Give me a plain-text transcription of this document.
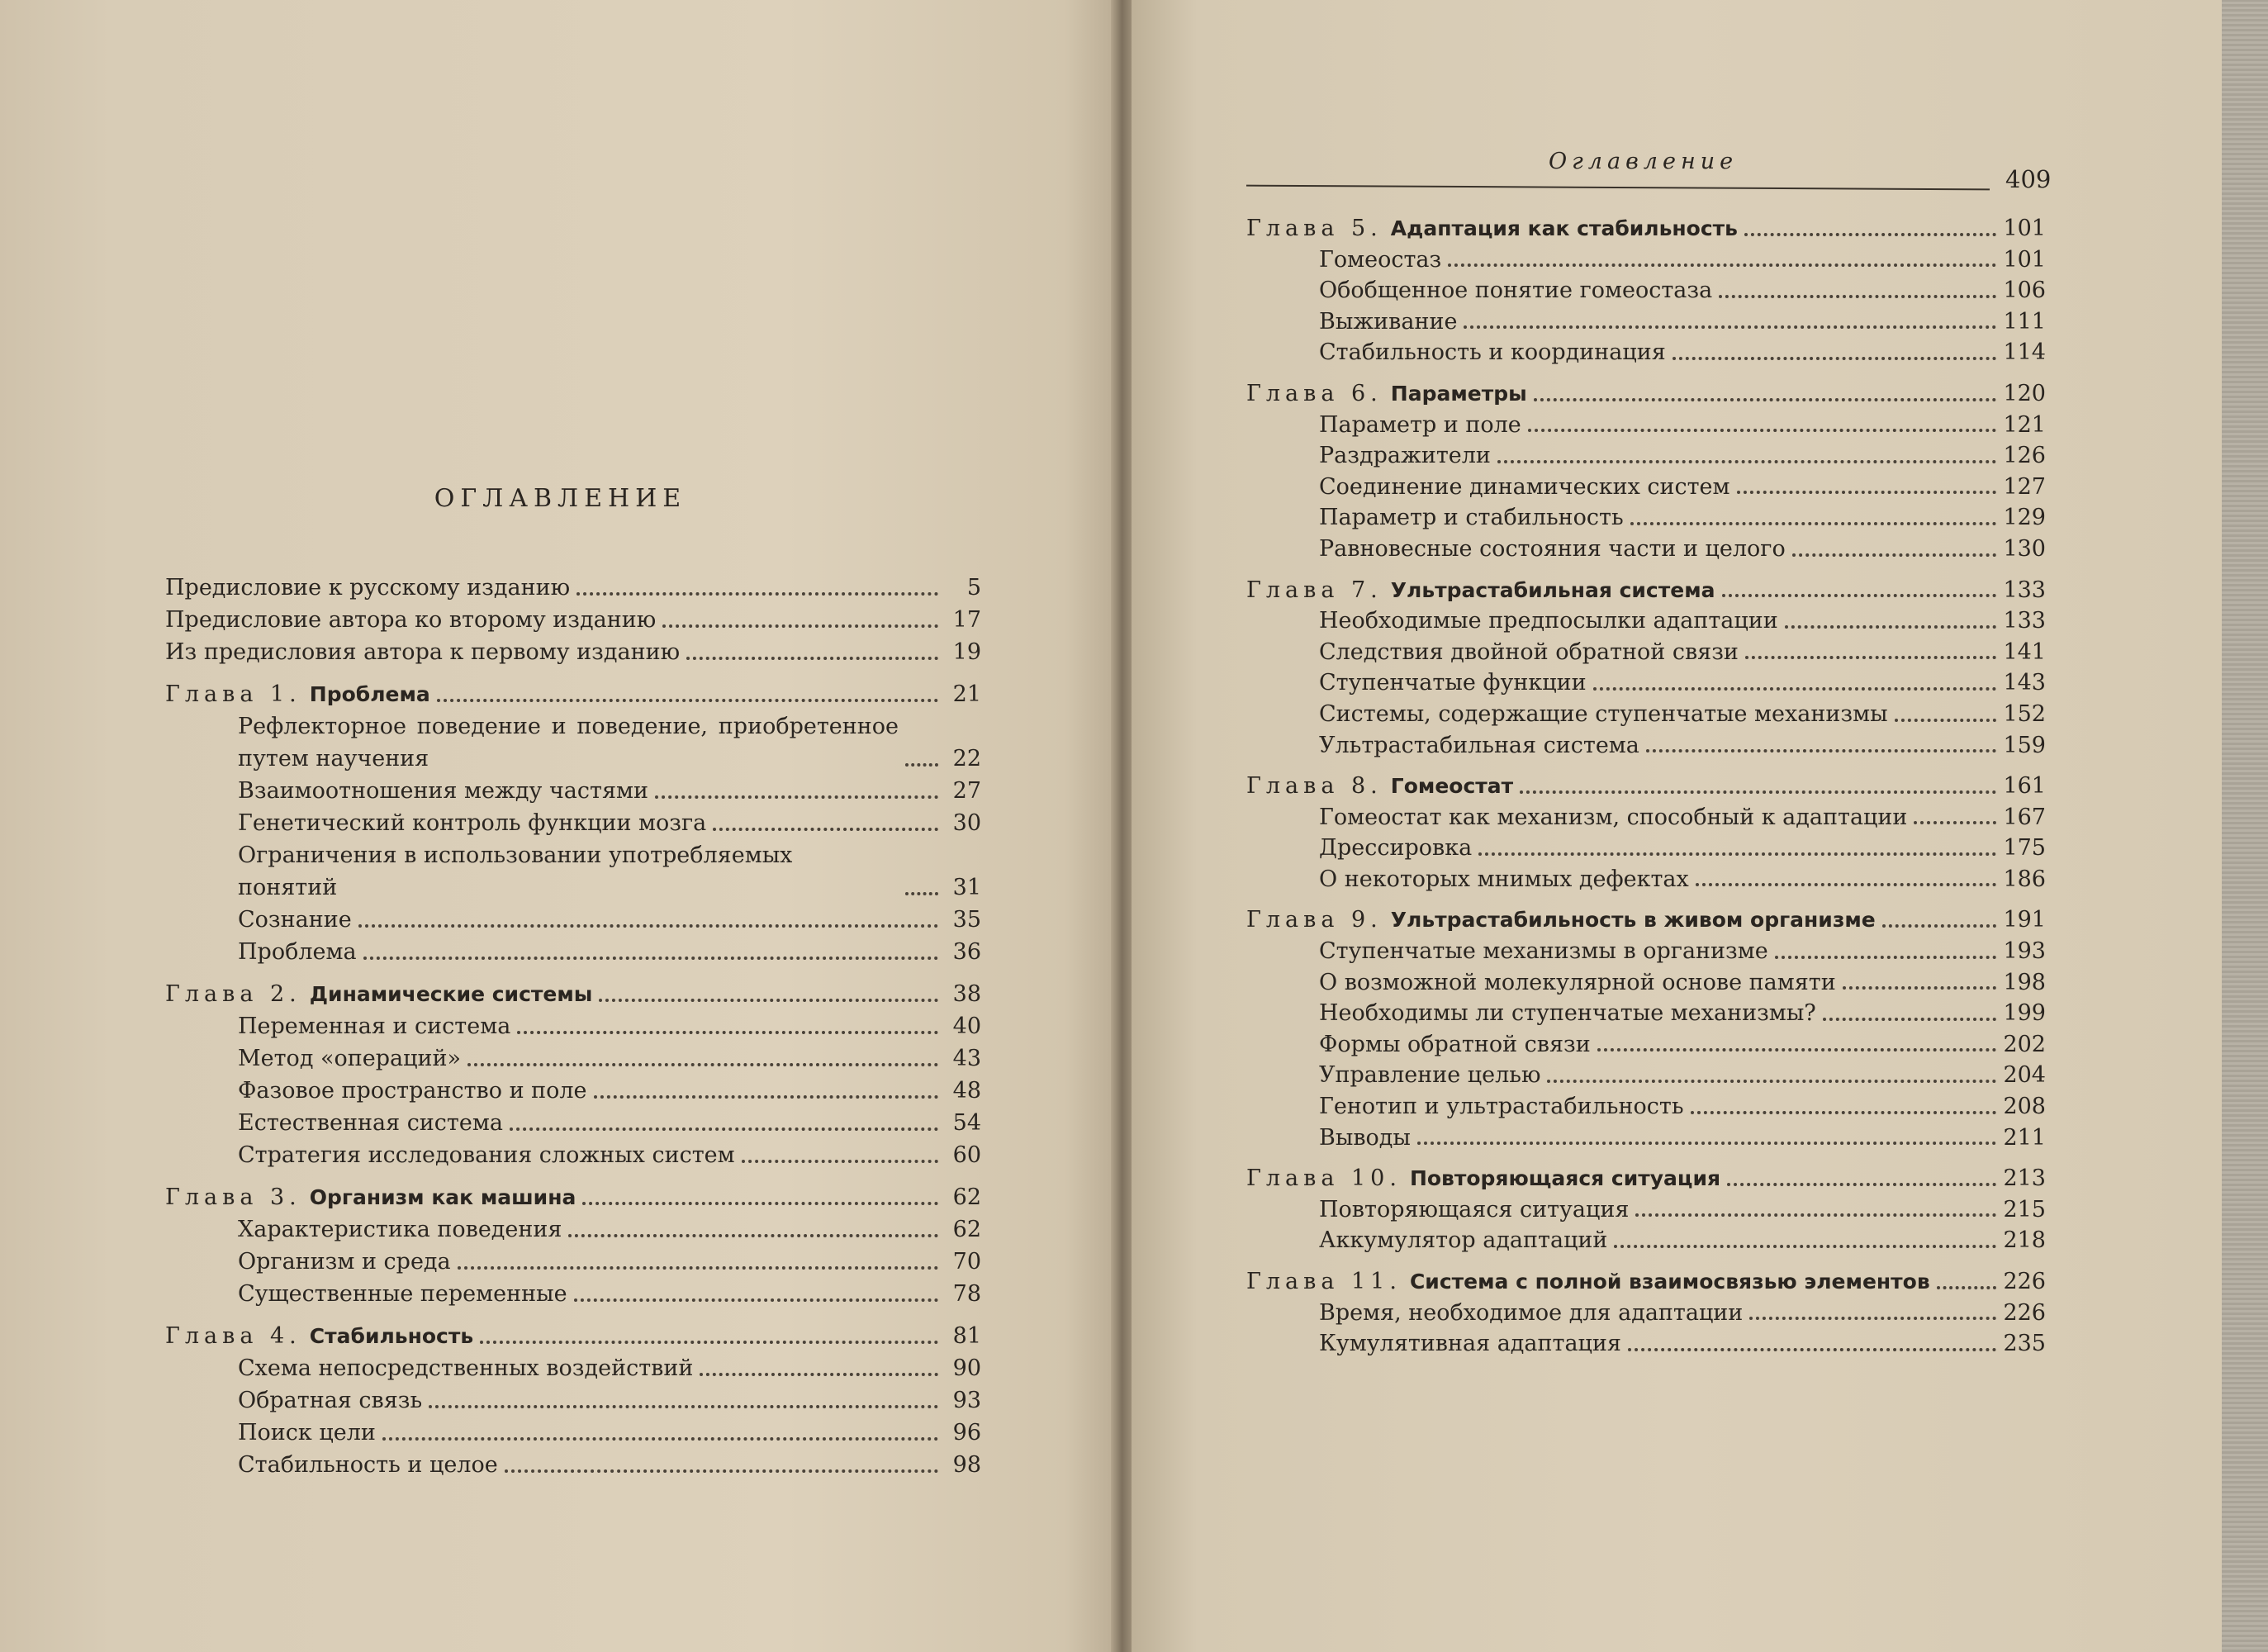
ОГЛАВЛЕНИЕ
Предисловие к русскому изданию	5
Предисловие автора ко второму изданию	17
Из предисловия автора к первому изданию	19
Глава 1. Проблема	21
Рефлекторное поведение и поведение, приобретенное путем научения	22
Взаимоотношения между частями	27
Генетический контроль функции мозга	30
Ограничения в использовании употребляемых понятий	31
Сознание	35
Проблема	36
Глава 2. Динамические системы	38
Переменная и система	40
Метод «операций»	43
Фазовое пространство и поле	48
Естественная система	54
Стратегия исследования сложных систем	60
Глава 3. Организм как машина	62
Характеристика поведения	62
Организм и среда	70
Существенные переменные	78
Глава 4. Стабильность	81
Схема непосредственных воздействий	90
Обратная связь	93
Поиск цели	96
Стабильность и целое	98
Оглавление
409
Глава 5. Адаптация как стабильность	101
Гомеостаз	101
Обобщенное понятие гомеостаза	106
Выживание	111
Стабильность и координация	114
Глава 6. Параметры	120
Параметр и поле	121
Раздражители	126
Соединение динамических систем	127
Параметр и стабильность	129
Равновесные состояния части и целого	130
Глава 7. Ультрастабильная система	133
Необходимые предпосылки адаптации	133
Следствия двойной обратной связи	141
Ступенчатые функции	143
Системы, содержащие ступенчатые механизмы	152
Ультрастабильная система	159
Глава 8. Гомеостат	161
Гомеостат как механизм, способный к адаптации	167
Дрессировка	175
О некоторых мнимых дефектах	186
Глава 9. Ультрастабильность в живом организме	191
Ступенчатые механизмы в организме	193
О возможной молекулярной основе памяти	198
Необходимы ли ступенчатые механизмы?	199
Формы обратной связи	202
Управление целью	204
Генотип и ультрастабильность	208
Выводы	211
Глава 10. Повторяющаяся ситуация	213
Повторяющаяся ситуация	215
Аккумулятор адаптаций	218
Глава 11. Система с полной взаимосвязью элементов	226
Время, необходимое для адаптации	226
Кумулятивная адаптация	235
